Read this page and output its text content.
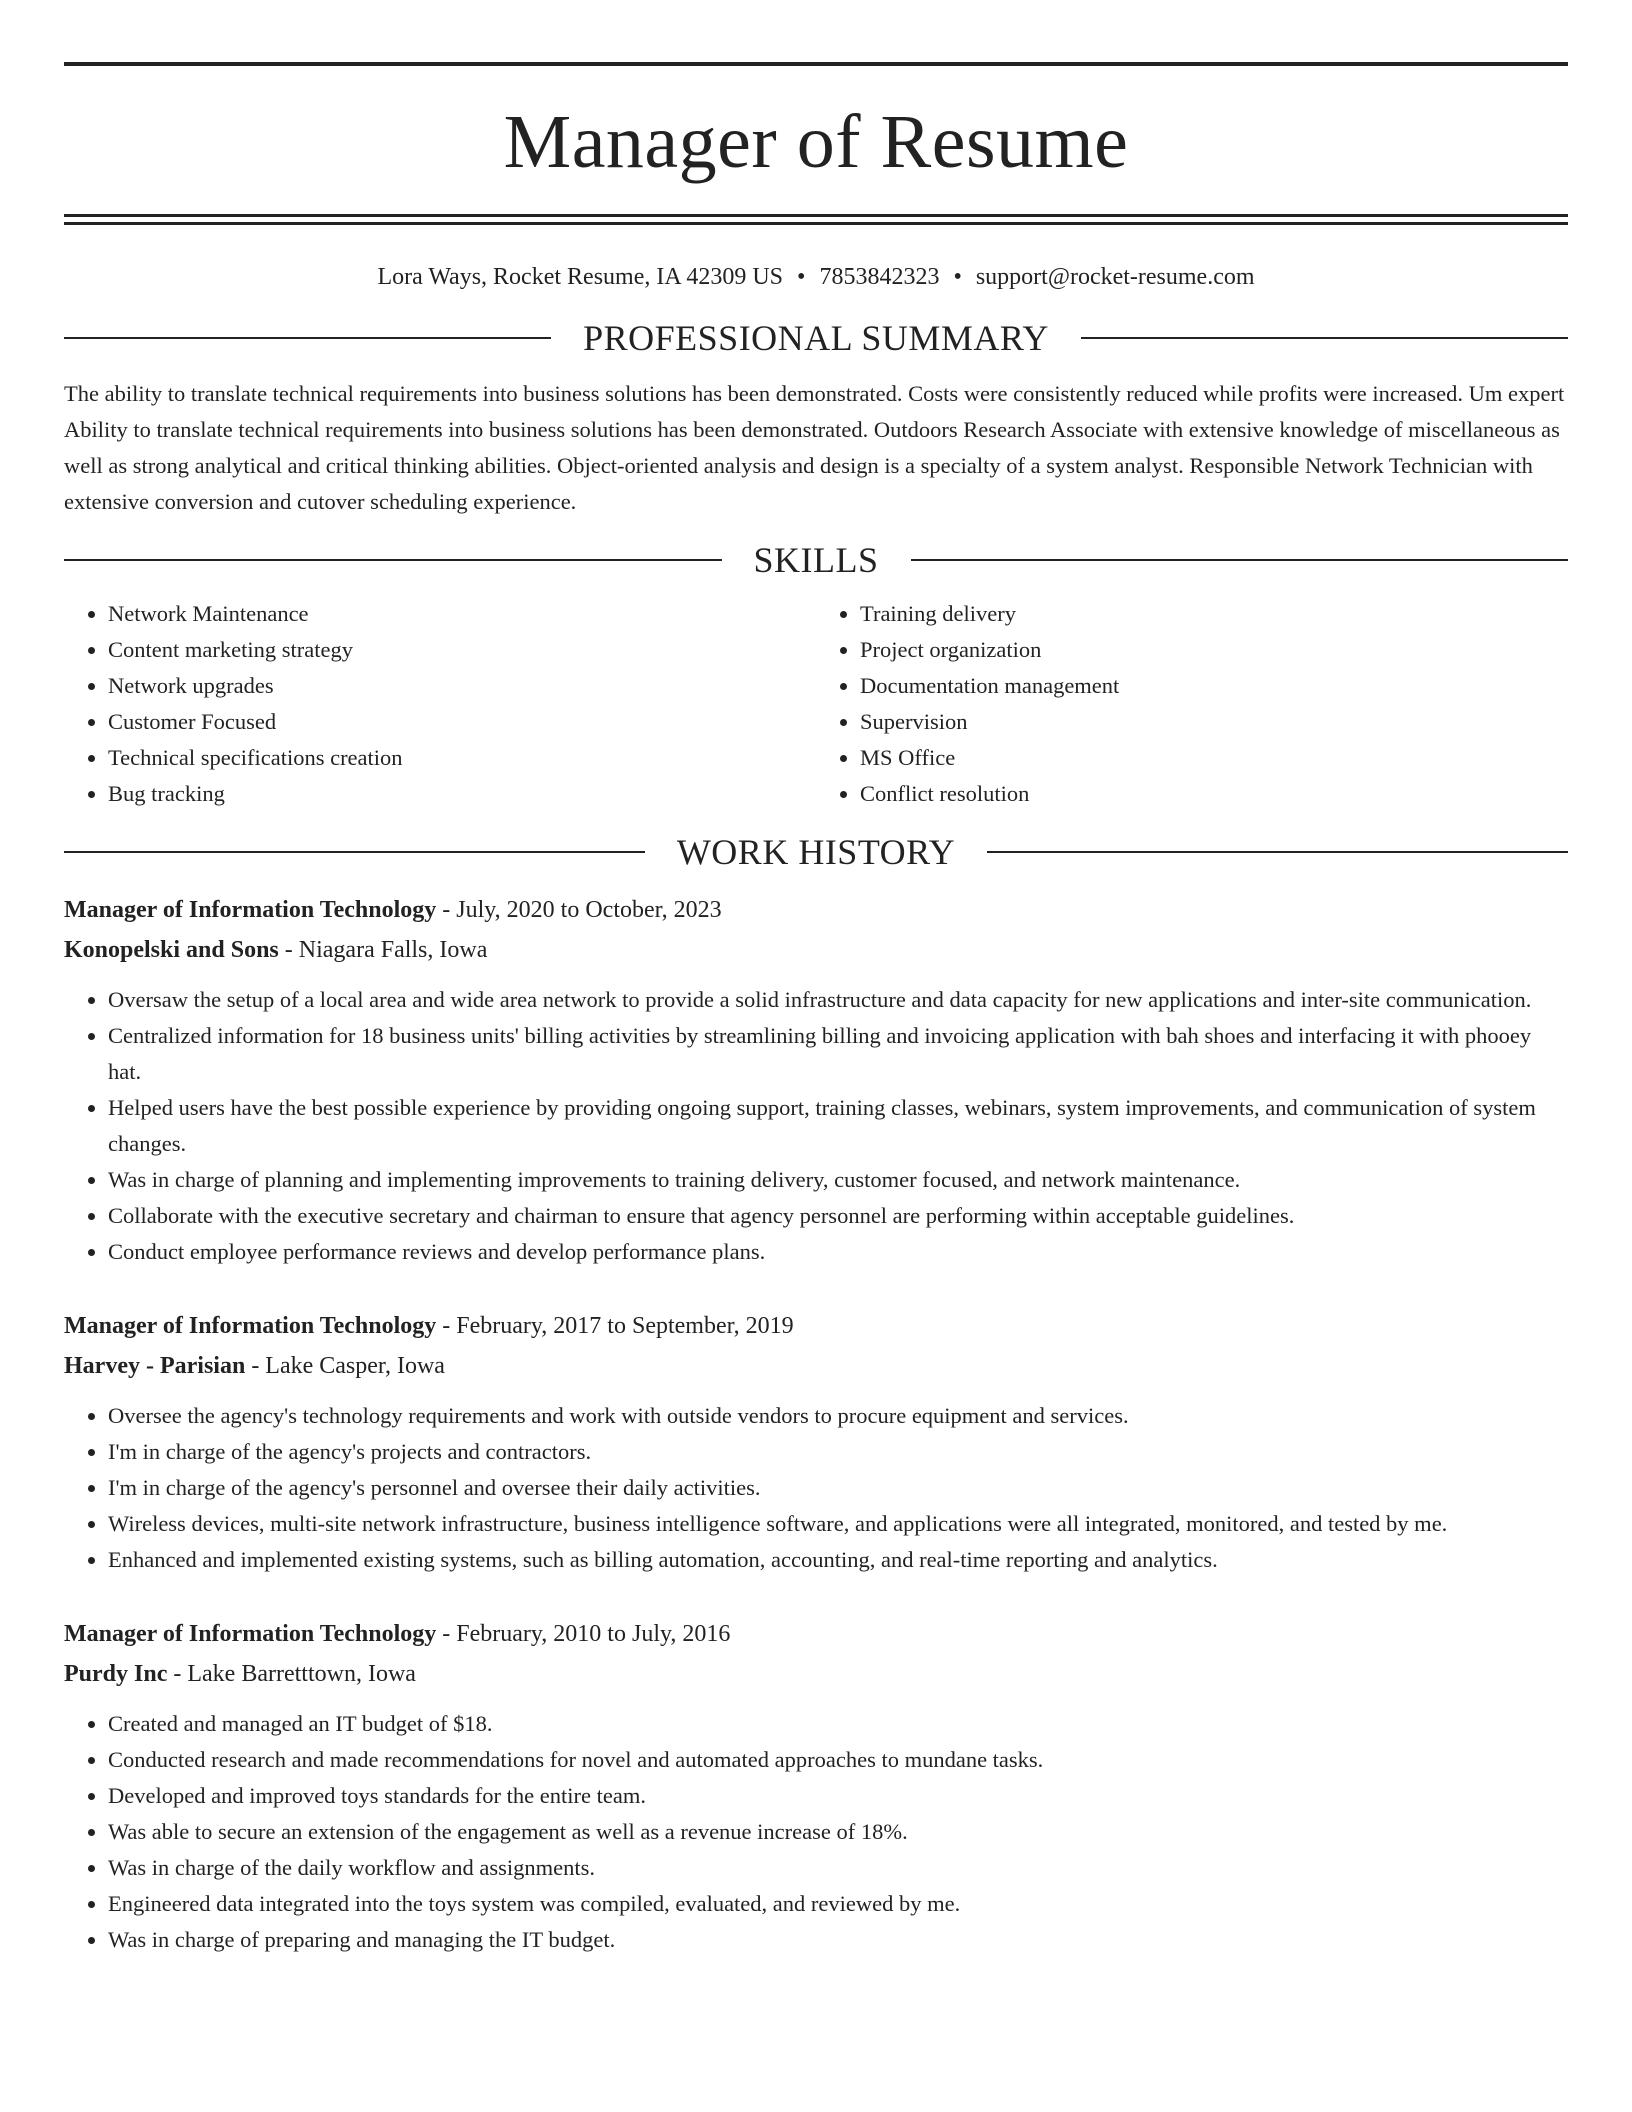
Manager of Resume
Lora Ways, Rocket Resume, IA 42309 US • 7853842323 • support@rocket-resume.com
PROFESSIONAL SUMMARY

The ability to translate technical requirements into business solutions has been demonstrated. Costs were consistently reduced while profits were increased. Um expert Ability to translate technical requirements into business solutions has been demonstrated. Outdoors Research Associate with extensive knowledge of miscellaneous as well as strong analytical and critical thinking abilities. Object-oriented analysis and design is a specialty of a system analyst. Responsible Network Technician with extensive conversion and cutover scheduling experience.

SKILLS
• Network Maintenance
• Content marketing strategy
• Network upgrades
• Customer Focused
• Technical specifications creation
• Bug tracking
• Training delivery
• Project organization
• Documentation management
• Supervision
• MS Office
• Conflict resolution
WORK HISTORY
Manager of Information Technology - July, 2020 to October, 2023
Konopelski and Sons - Niagara Falls, Iowa
• Oversaw the setup of a local area and wide area network to provide a solid infrastructure and data capacity for new applications and inter-site communication.
• Centralized information for 18 business units' billing activities by streamlining billing and invoicing application with bah shoes and interfacing it with phooey hat.
• Helped users have the best possible experience by providing ongoing support, training classes, webinars, system improvements, and communication of system changes.
• Was in charge of planning and implementing improvements to training delivery, customer focused, and network maintenance.
• Collaborate with the executive secretary and chairman to ensure that agency personnel are performing within acceptable guidelines.
• Conduct employee performance reviews and develop performance plans.
Manager of Information Technology - February, 2017 to September, 2019
Harvey - Parisian - Lake Casper, Iowa
• Oversee the agency's technology requirements and work with outside vendors to procure equipment and services.
• I'm in charge of the agency's projects and contractors.
• I'm in charge of the agency's personnel and oversee their daily activities.
• Wireless devices, multi-site network infrastructure, business intelligence software, and applications were all integrated, monitored, and tested by me.
• Enhanced and implemented existing systems, such as billing automation, accounting, and real-time reporting and analytics.
Manager of Information Technology - February, 2010 to July, 2016
Purdy Inc - Lake Barretttown, Iowa
• Created and managed an IT budget of $18.
• Conducted research and made recommendations for novel and automated approaches to mundane tasks.
• Developed and improved toys standards for the entire team.
• Was able to secure an extension of the engagement as well as a revenue increase of 18%.
• Was in charge of the daily workflow and assignments.
• Engineered data integrated into the toys system was compiled, evaluated, and reviewed by me.
• Was in charge of preparing and managing the IT budget.
